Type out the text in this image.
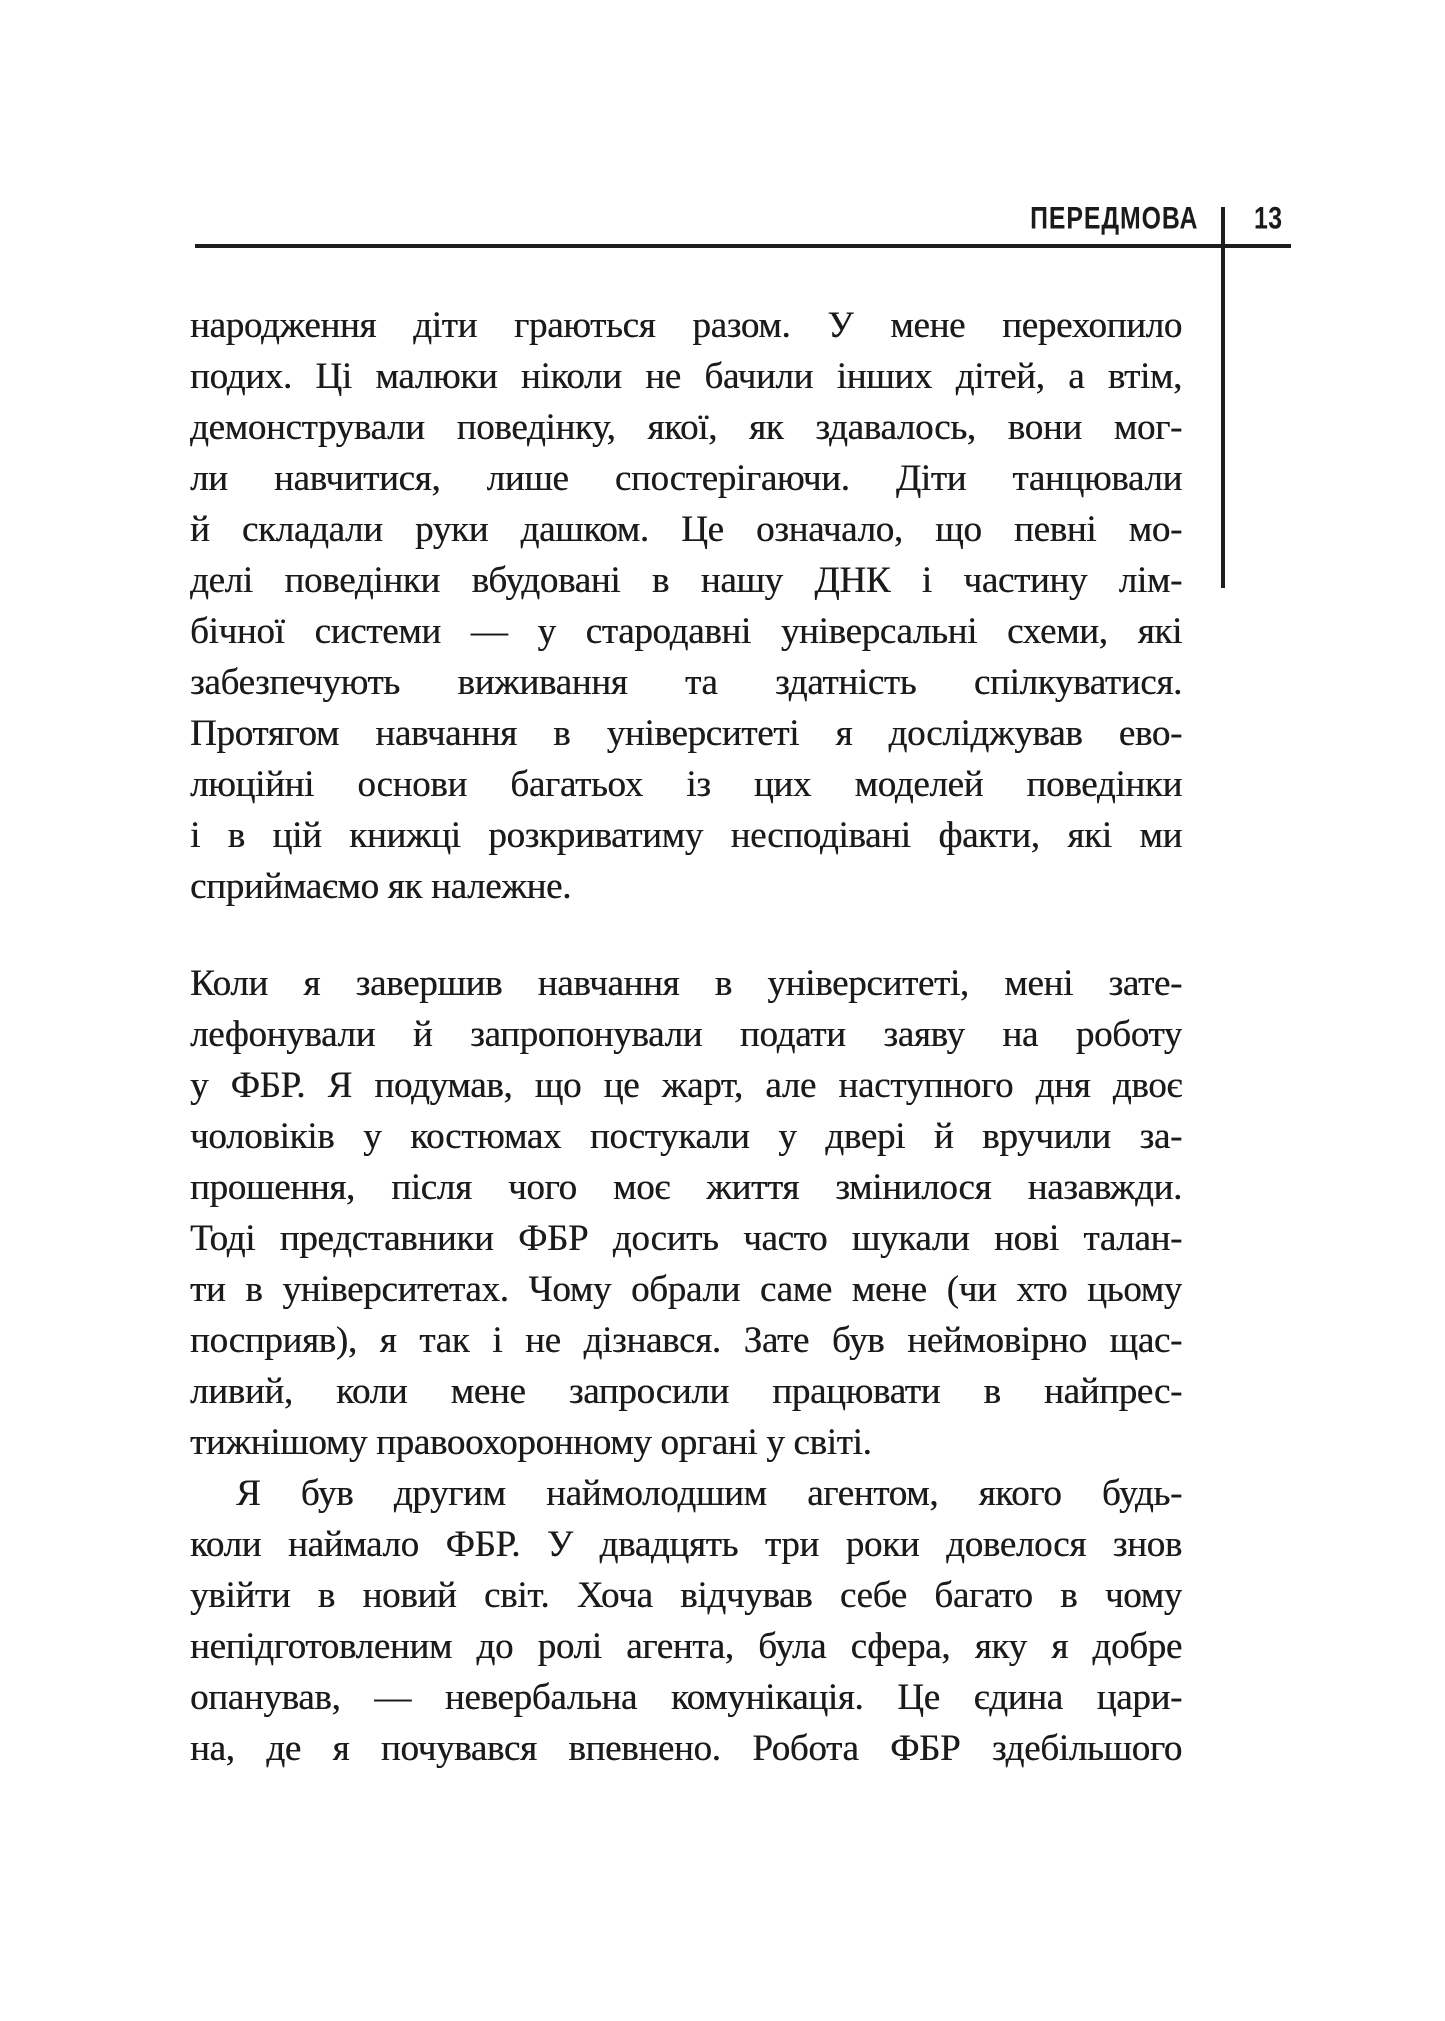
ПЕРЕДМОВА 13
народження діти граються разом. У мене перехопило
подих. Ці малюки ніколи не бачили інших дітей, а втім,
демонстрували поведінку, якої, як здавалось, вони мог-
ли навчитися, лише спостерігаючи. Діти танцювали
й складали руки дашком. Це означало, що певні мо-
делі поведінки вбудовані в нашу ДНК і частину лім-
бічної системи — у стародавні універсальні схеми, які
забезпечують виживання та здатність спілкуватися.
Протягом навчання в університеті я досліджував ево-
люційні основи багатьох із цих моделей поведінки
і в цій книжці розкриватиму несподівані факти, які ми
сприймаємо як належне.
Коли я завершив навчання в університеті, мені зате-
лефонували й запропонували подати заяву на роботу
у ФБР. Я подумав, що це жарт, але наступного дня двоє
чоловіків у костюмах постукали у двері й вручили за-
прошення, після чого моє життя змінилося назавжди.
Тоді представники ФБР досить часто шукали нові талан-
ти в університетах. Чому обрали саме мене (чи хто цьому
посприяв), я так і не дізнався. Зате був неймовірно щас-
ливий, коли мене запросили працювати в найпрес-
тижнішому правоохоронному органі у світі.
Я був другим наймолодшим агентом, якого будь-
коли наймало ФБР. У двадцять три роки довелося знов
увійти в новий світ. Хоча відчував себе багато в чому
непідготовленим до ролі агента, була сфера, яку я добре
опанував, — невербальна комунікація. Це єдина цари-
на, де я почувався впевнено. Робота ФБР здебільшого
